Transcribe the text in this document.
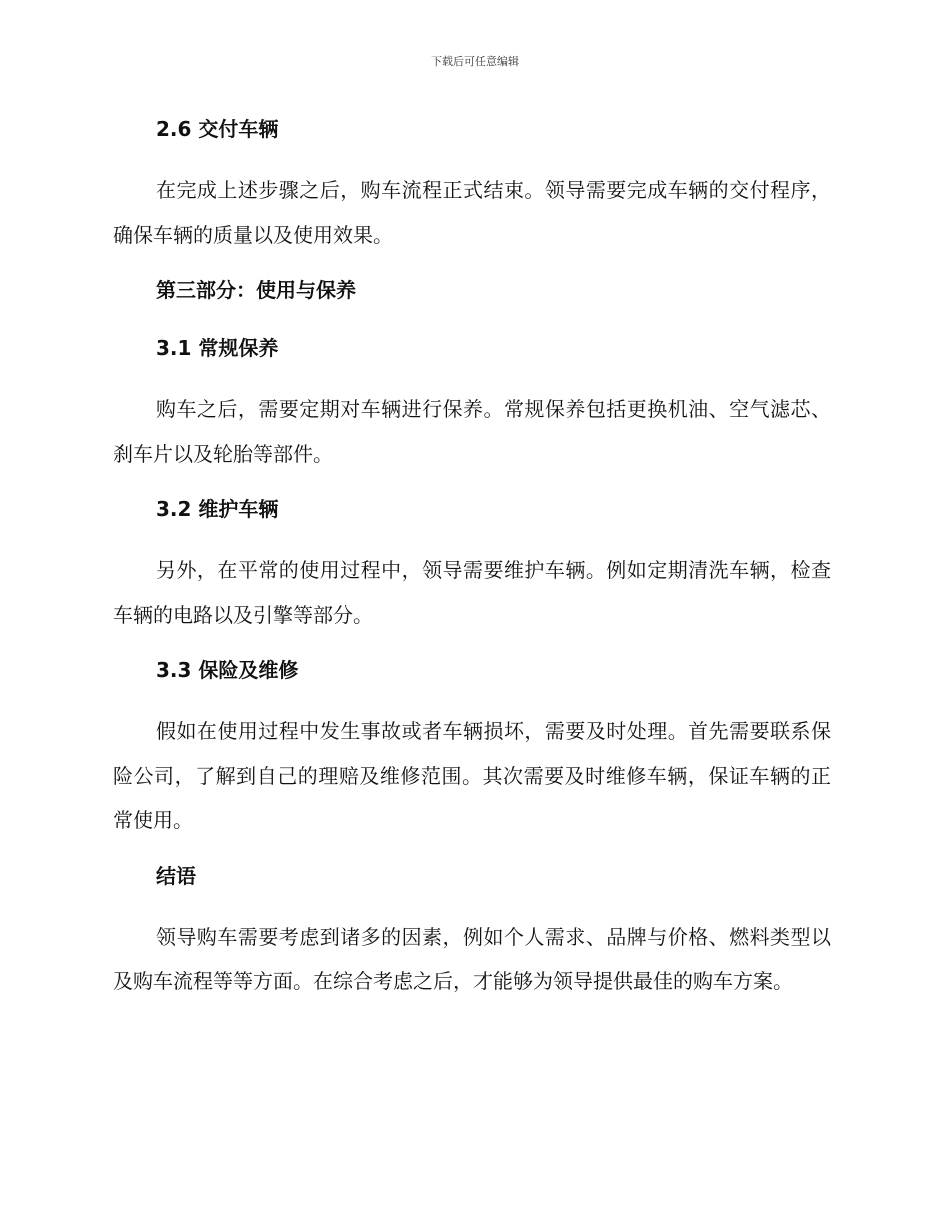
下载后可任意编辑
2.6 交付车辆

在完成上述步骤之后，购车流程正式结束。领导需要完成车辆的交付程序，确保车辆的质量以及使用效果。

第三部分：使用与保养
3.1 常规保养

购车之后，需要定期对车辆进行保养。常规保养包括更换机油、空气滤芯、刹车片以及轮胎等部件。

3.2 维护车辆

另外，在平常的使用过程中，领导需要维护车辆。例如定期清洗车辆，检查车辆的电路以及引擎等部分。

3.3 保险及维修

假如在使用过程中发生事故或者车辆损坏，需要及时处理。首先需要联系保险公司，了解到自己的理赔及维修范围。其次需要及时维修车辆，保证车辆的正常使用。

结语

领导购车需要考虑到诸多的因素，例如个人需求、品牌与价格、燃料类型以及购车流程等等方面。在综合考虑之后，才能够为领导提供最佳的购车方案。
